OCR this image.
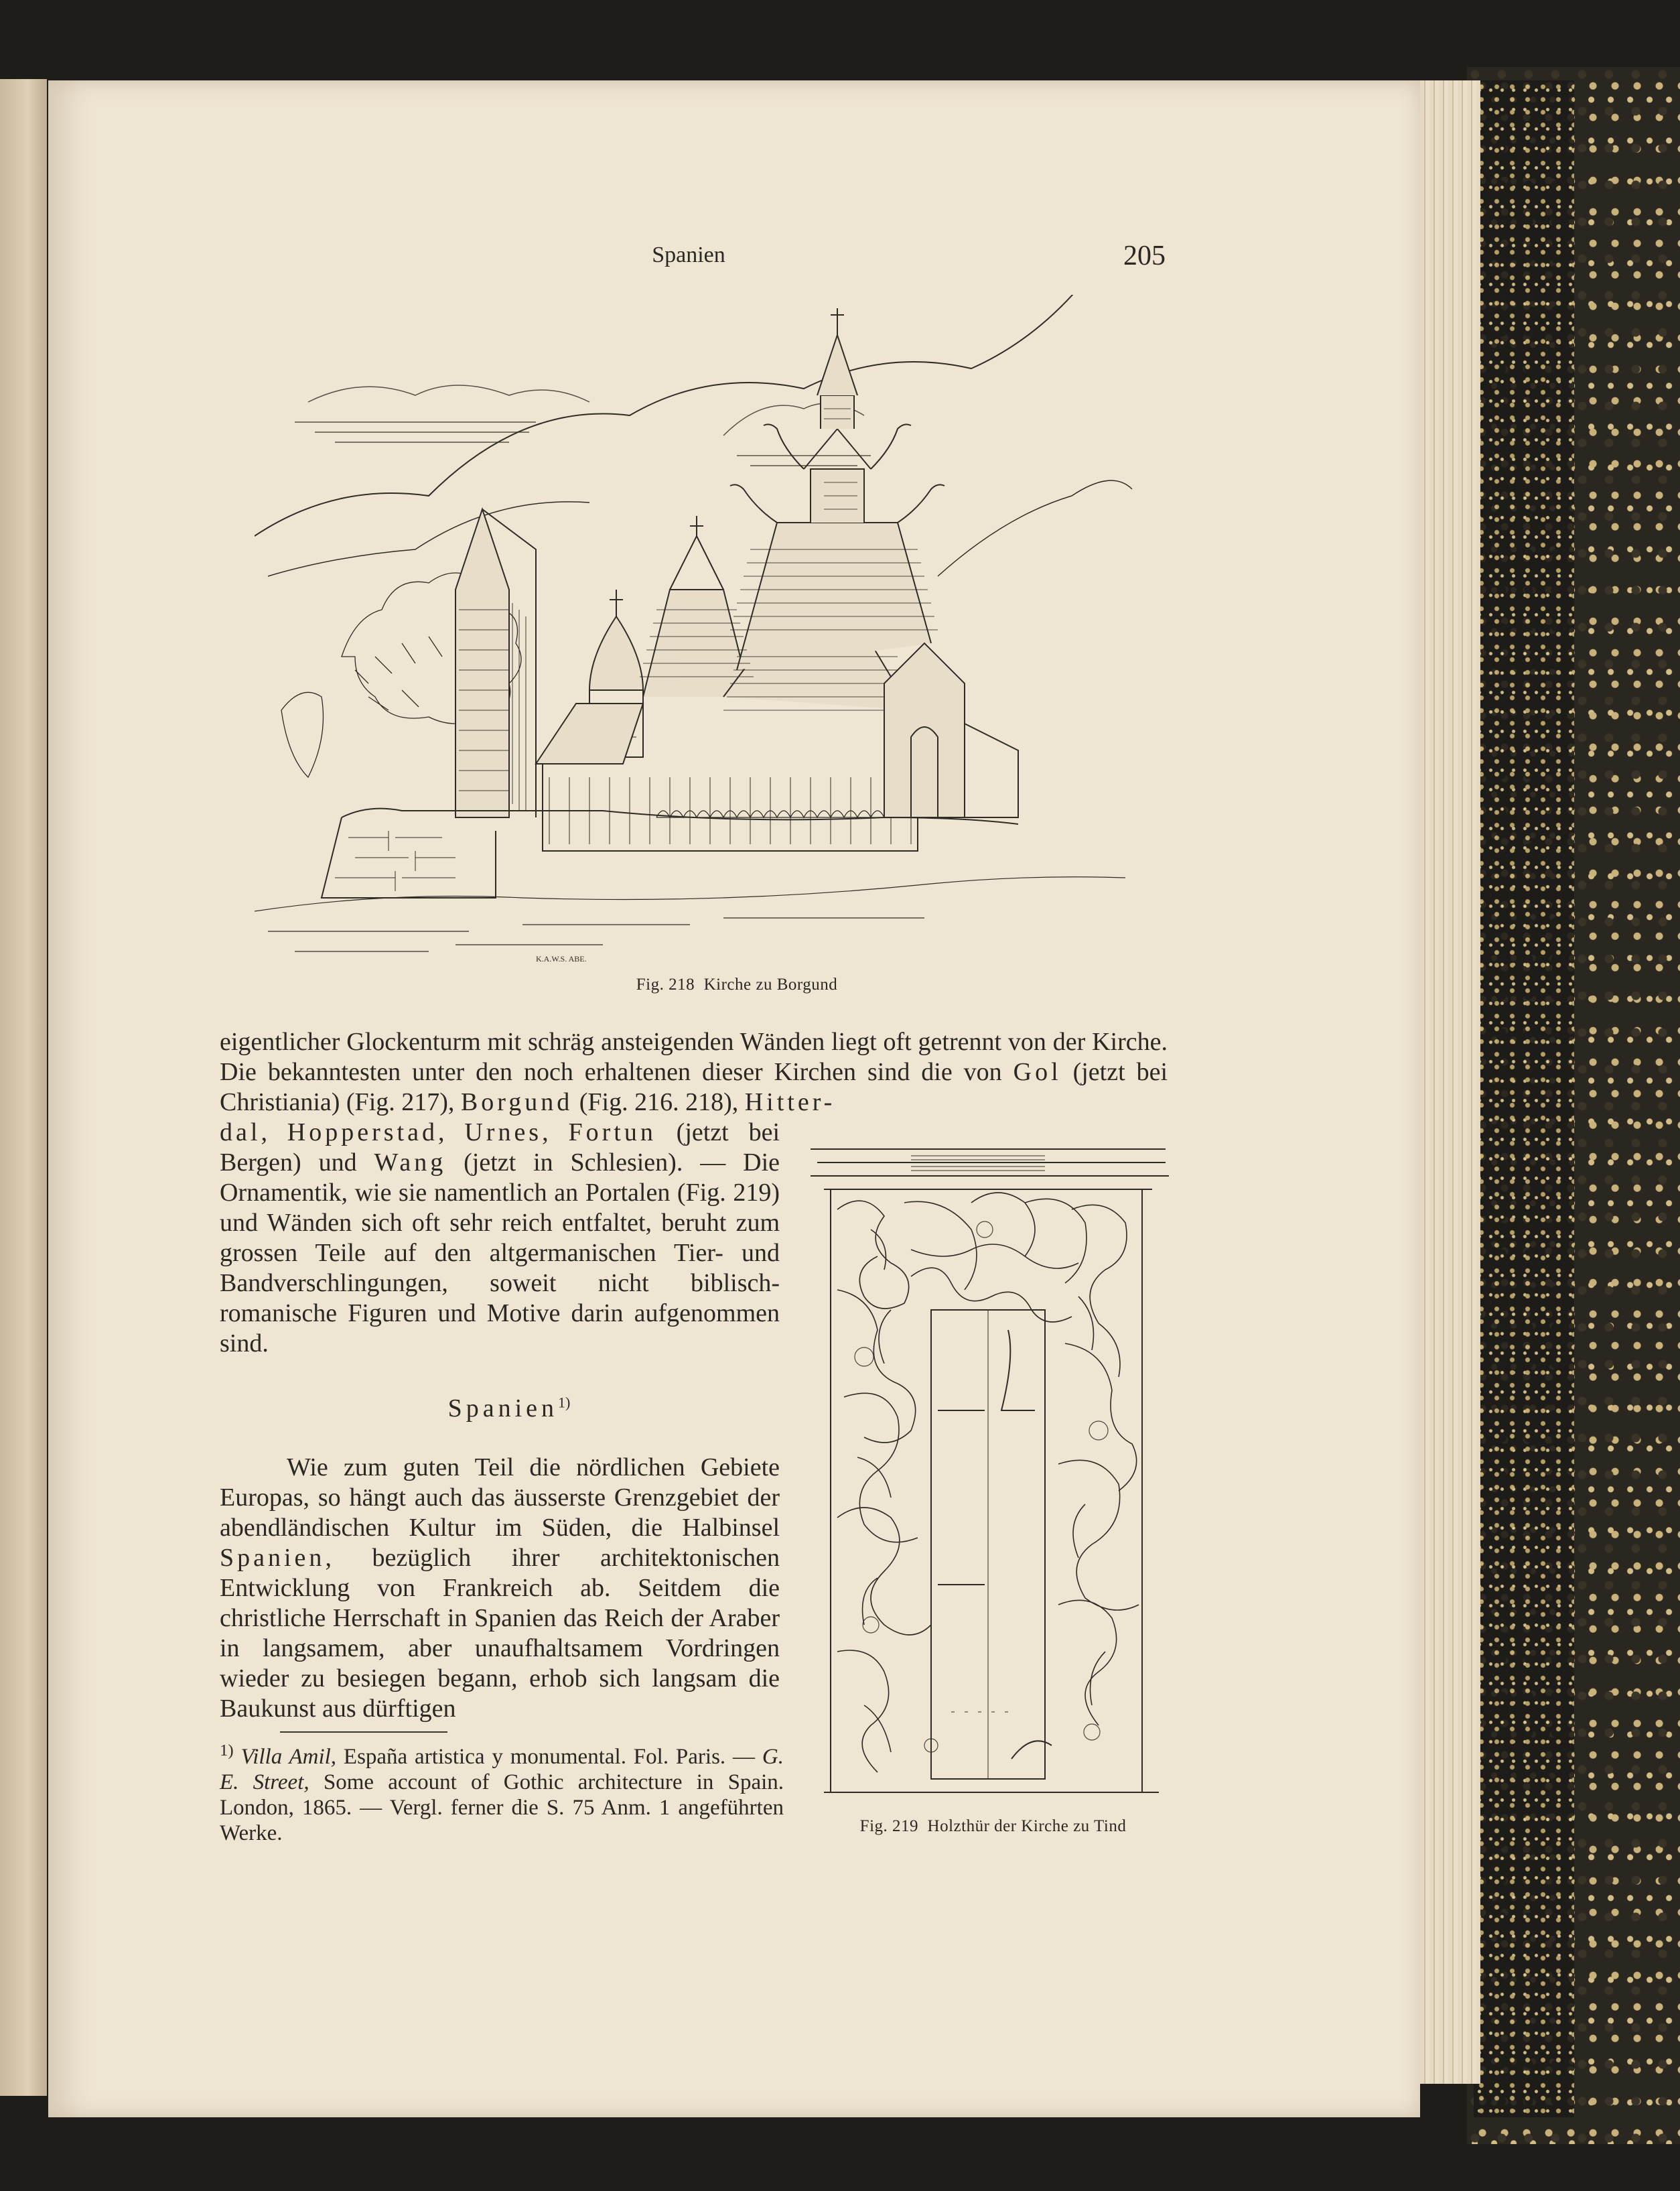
Spanien	205
K.A.W.S. ABE.
Fig. 218 Kirche zu Borgund

eigentlicher Glockenturm mit schräg ansteigenden Wänden liegt oft getrennt von der Kirche. Die bekanntesten unter den noch erhaltenen dieser Kirchen sind die von Gol (jetzt bei Christiania) (Fig. 217), Borgund (Fig. 216. 218), Hitter-

dal, Hopperstad, Urnes, Fortun (jetzt bei Bergen) und Wang (jetzt in Schlesien). — Die Ornamentik, wie sie namentlich an Portalen (Fig. 219) und Wänden sich oft sehr reich entfaltet, beruht zum grossen Teile auf den altgermanischen Tier- und Bandverschlingungen, soweit nicht biblisch-romanische Figuren und Motive darin aufgenommen sind.

Spanien$^{1)}$

Wie zum guten Teil die nördlichen Gebiete Europas, so hängt auch das äusserste Grenzgebiet der abendländischen Kultur im Süden, die Halbinsel Spanien, bezüglich ihrer architektonischen Entwicklung von Frankreich ab. Seitdem die christliche Herrschaft in Spanien das Reich der Araber in langsamem, aber unaufhaltsamem Vordringen wieder zu besiegen begann, erhob sich langsam die Baukunst aus dürftigen

$^{1)}$ Villa Amil, España artistica y monumental. Fol. Paris. — G. E. Street, Some account of Gothic architecture in Spain. London, 1865. — Vergl. ferner die S. 75 Anm. 1 angeführten Werke.	Fig. 219 Holzthür der Kirche zu Tind
